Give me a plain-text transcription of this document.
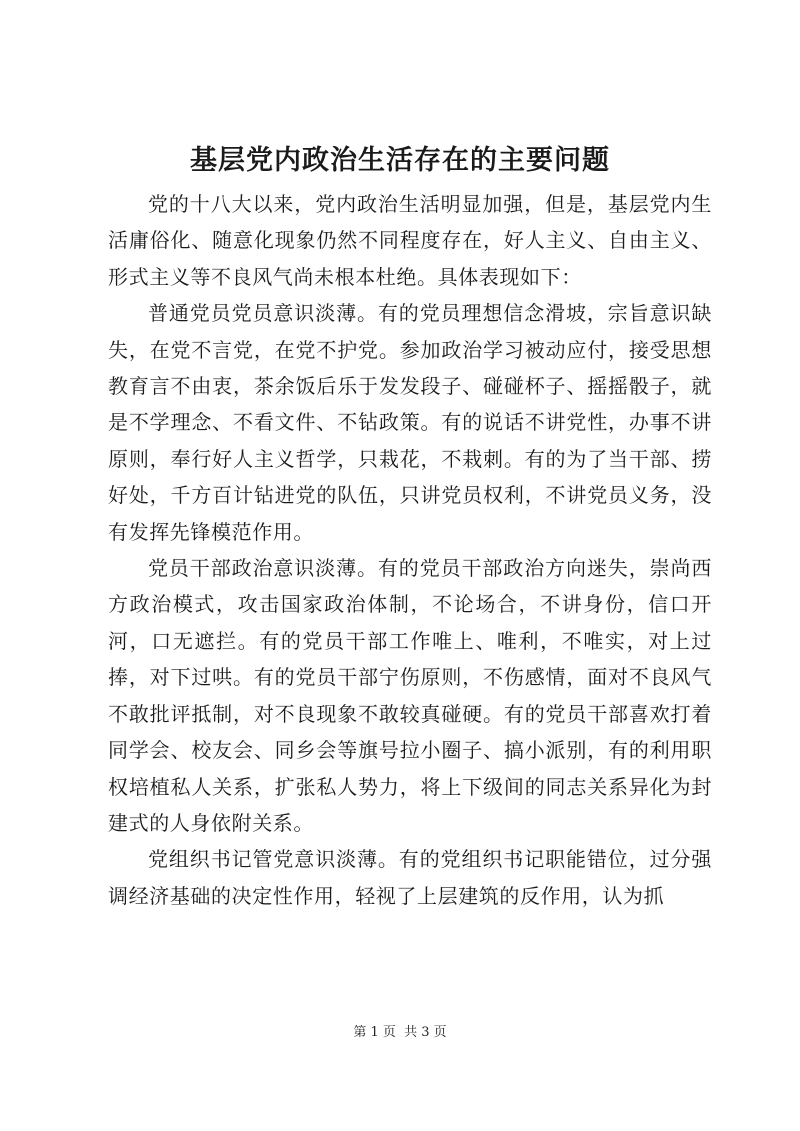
基层党内政治生活存在的主要问题

党的十八大以来，党内政治生活明显加强，但是，基层党内生活庸俗化、随意化现象仍然不同程度存在，好人主义、自由主义、形式主义等不良风气尚未根本杜绝。具体表现如下：

普通党员党员意识淡薄。有的党员理想信念滑坡，宗旨意识缺失，在党不言党，在党不护党。参加政治学习被动应付，接受思想教育言不由衷，茶余饭后乐于发发段子、碰碰杯子、摇摇骰子，就是不学理念、不看文件、不钻政策。有的说话不讲党性，办事不讲原则，奉行好人主义哲学，只栽花，不栽刺。有的为了当干部、捞好处，千方百计钻进党的队伍，只讲党员权利，不讲党员义务，没有发挥先锋模范作用。

党员干部政治意识淡薄。有的党员干部政治方向迷失，崇尚西方政治模式，攻击国家政治体制，不论场合，不讲身份，信口开河，口无遮拦。有的党员干部工作唯上、唯利，不唯实，对上过捧，对下过哄。有的党员干部宁伤原则，不伤感情，面对不良风气不敢批评抵制，对不良现象不敢较真碰硬。有的党员干部喜欢打着同学会、校友会、同乡会等旗号拉小圈子、搞小派别，有的利用职权培植私人关系，扩张私人势力，将上下级间的同志关系异化为封建式的人身依附关系。

党组织书记管党意识淡薄。有的党组织书记职能错位，过分强调经济基础的决定性作用，轻视了上层建筑的反作用，认为抓

第 1 页 共 3 页
